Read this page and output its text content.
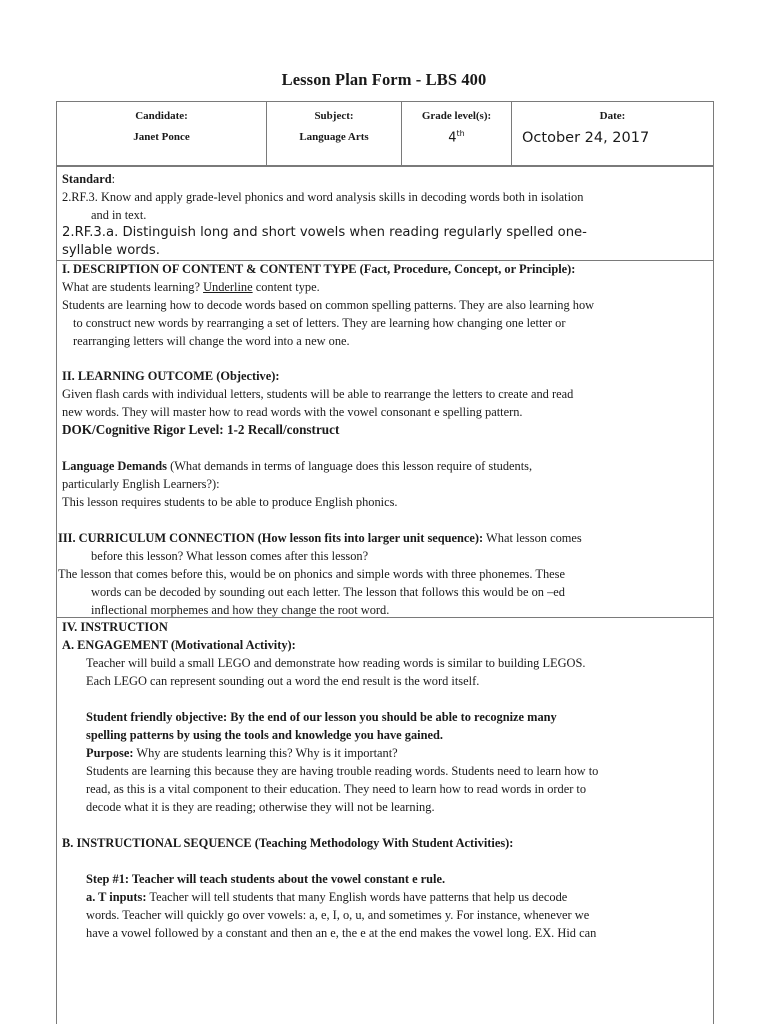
Lesson Plan Form - LBS 400
Candidate:
Janet Ponce
Subject:
Language Arts
Grade level(s):
4th
Date:
October 24, 2017
Standard:
2.RF.3. Know and apply grade-level phonics and word analysis skills in decoding words both in isolation
and in text.
2.RF.3.a. Distinguish long and short vowels when reading regularly spelled one-
syllable words.
I. DESCRIPTION OF CONTENT & CONTENT TYPE (Fact, Procedure, Concept, or Principle):
What are students learning? Underline content type.
Students are learning how to decode words based on common spelling patterns. They are also learning how
to construct new words by rearranging a set of letters. They are learning how changing one letter or
rearranging letters will change the word into a new one.
II. LEARNING OUTCOME (Objective):
Given flash cards with individual letters, students will be able to rearrange the letters to create and read
new words. They will master how to read words with the vowel consonant e spelling pattern.
DOK/Cognitive Rigor Level: 1-2 Recall/construct
Language Demands (What demands in terms of language does this lesson require of students,
particularly English Learners?):
This lesson requires students to be able to produce English phonics.
III. CURRICULUM CONNECTION (How lesson fits into larger unit sequence): What lesson comes
before this lesson? What lesson comes after this lesson?
The lesson that comes before this, would be on phonics and simple words with three phonemes. These
words can be decoded by sounding out each letter. The lesson that follows this would be on –ed
inflectional morphemes and how they change the root word.
IV. INSTRUCTION
A. ENGAGEMENT (Motivational Activity):
Teacher will build a small LEGO and demonstrate how reading words is similar to building LEGOS.
Each LEGO can represent sounding out a word the end result is the word itself.
Student friendly objective: By the end of our lesson you should be able to recognize many
spelling patterns by using the tools and knowledge you have gained.
Purpose: Why are students learning this? Why is it important?
Students are learning this because they are having trouble reading words. Students need to learn how to
read, as this is a vital component to their education. They need to learn how to read words in order to
decode what it is they are reading; otherwise they will not be learning.
B. INSTRUCTIONAL SEQUENCE (Teaching Methodology With Student Activities):
Step #1: Teacher will teach students about the vowel constant e rule.
a. T inputs: Teacher will tell students that many English words have patterns that help us decode
words. Teacher will quickly go over vowels: a, e, I, o, u, and sometimes y. For instance, whenever we
have a vowel followed by a constant and then an e, the e at the end makes the vowel long. EX. Hid can
